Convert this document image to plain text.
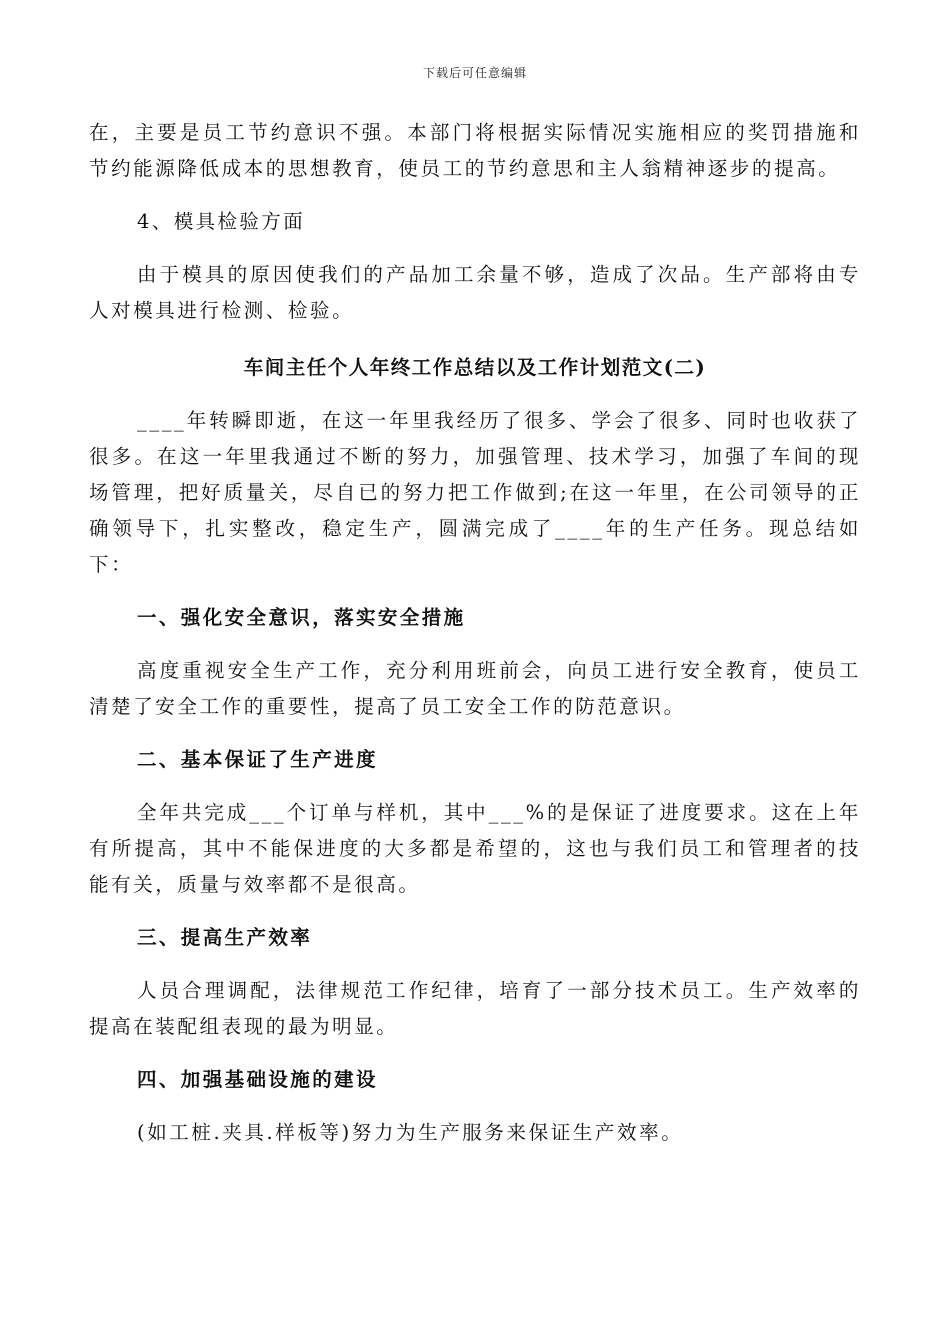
下载后可任意编辑

在，主要是员工节约意识不强。本部门将根据实际情况实施相应的奖罚措施和节约能源降低成本的思想教育，使员工的节约意思和主人翁精神逐步的提高。

4、模具检验方面

由于模具的原因使我们的产品加工余量不够，造成了次品。生产部将由专人对模具进行检测、检验。

车间主任个人年终工作总结以及工作计划范文(二)

____年转瞬即逝，在这一年里我经历了很多、学会了很多、同时也收获了很多。在这一年里我通过不断的努力，加强管理、技术学习，加强了车间的现场管理，把好质量关，尽自已的努力把工作做到;在这一年里，在公司领导的正确领导下，扎实整改，稳定生产，圆满完成了____年的生产任务。现总结如下：

一、强化安全意识，落实安全措施

高度重视安全生产工作，充分利用班前会，向员工进行安全教育，使员工清楚了安全工作的重要性，提高了员工安全工作的防范意识。

二、基本保证了生产进度

全年共完成___个订单与样机，其中___%的是保证了进度要求。这在上年有所提高，其中不能保进度的大多都是希望的，这也与我们员工和管理者的技能有关，质量与效率都不是很高。

三、提高生产效率

人员合理调配，法律规范工作纪律，培育了一部分技术员工。生产效率的提高在装配组表现的最为明显。

四、加强基础设施的建设

(如工桩.夹具.样板等)努力为生产服务来保证生产效率。
